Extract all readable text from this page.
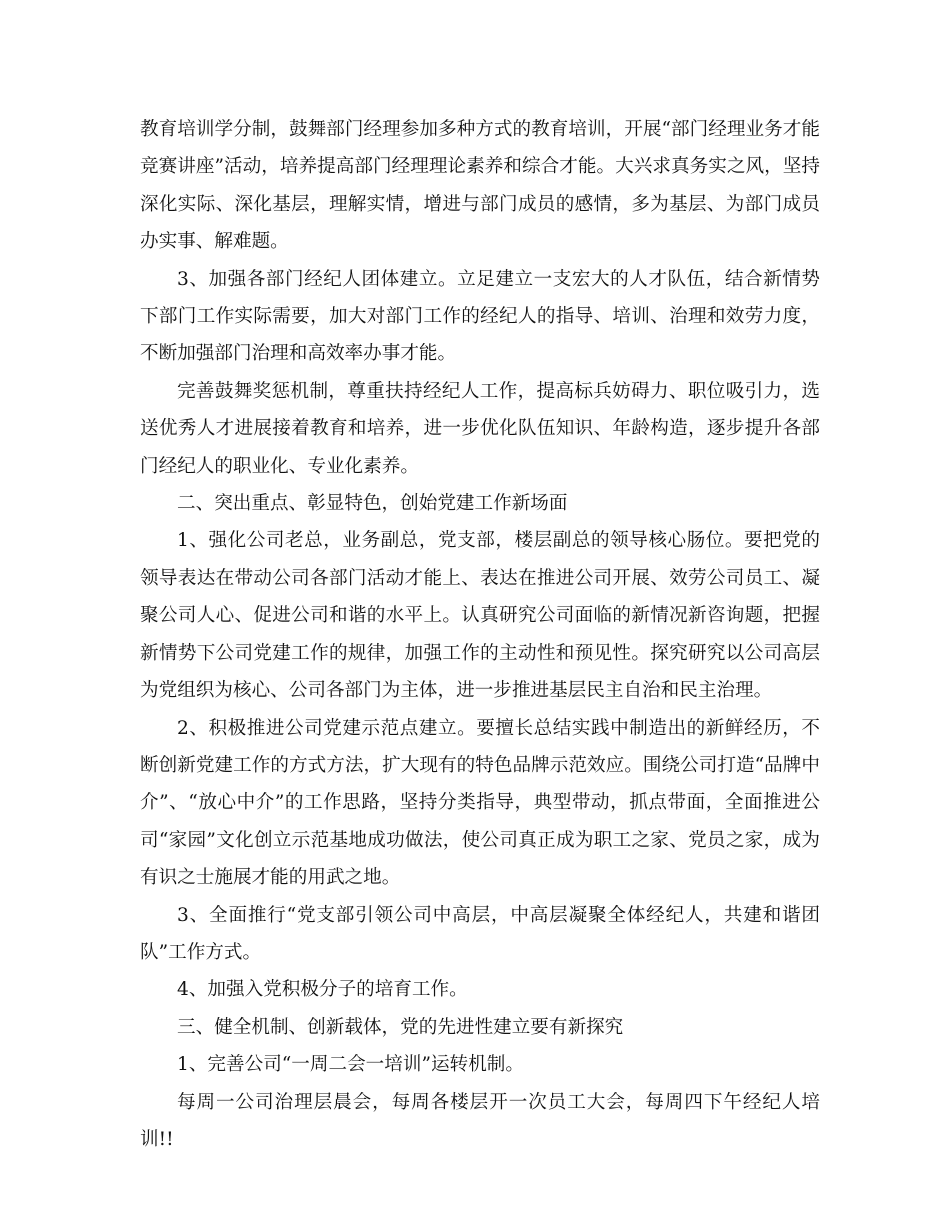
教育培训学分制，鼓舞部门经理参加多种方式的教育培训，开展“部门经理业务才能竞赛讲座”活动，培养提高部门经理理论素养和综合才能。大兴求真务实之风，坚持深化实际、深化基层，理解实情，增进与部门成员的感情，多为基层、为部门成员办实事、解难题。

3、加强各部门经纪人团体建立。立足建立一支宏大的人才队伍，结合新情势下部门工作实际需要，加大对部门工作的经纪人的指导、培训、治理和效劳力度，不断加强部门治理和高效率办事才能。

完善鼓舞奖惩机制，尊重扶持经纪人工作，提高标兵妨碍力、职位吸引力，选送优秀人才进展接着教育和培养，进一步优化队伍知识、年龄构造，逐步提升各部门经纪人的职业化、专业化素养。

二、突出重点、彰显特色，创始党建工作新场面

1、强化公司老总，业务副总，党支部，楼层副总的领导核心肠位。要把党的领导表达在带动公司各部门活动才能上、表达在推进公司开展、效劳公司员工、凝聚公司人心、促进公司和谐的水平上。认真研究公司面临的新情况新咨询题，把握新情势下公司党建工作的规律，加强工作的主动性和预见性。探究研究以公司高层为党组织为核心、公司各部门为主体，进一步推进基层民主自治和民主治理。

2、积极推进公司党建示范点建立。要擅长总结实践中制造出的新鲜经历，不断创新党建工作的方式方法，扩大现有的特色品牌示范效应。围绕公司打造“品牌中介”、“放心中介”的工作思路，坚持分类指导，典型带动，抓点带面，全面推进公司“家园”文化创立示范基地成功做法，使公司真正成为职工之家、党员之家，成为有识之士施展才能的用武之地。

3、全面推行“党支部引领公司中高层，中高层凝聚全体经纪人，共建和谐团队”工作方式。

4、加强入党积极分子的培育工作。

三、健全机制、创新载体，党的先进性建立要有新探究

1、完善公司“一周二会一培训”运转机制。

每周一公司治理层晨会，每周各楼层开一次员工大会，每周四下午经纪人培训!!
